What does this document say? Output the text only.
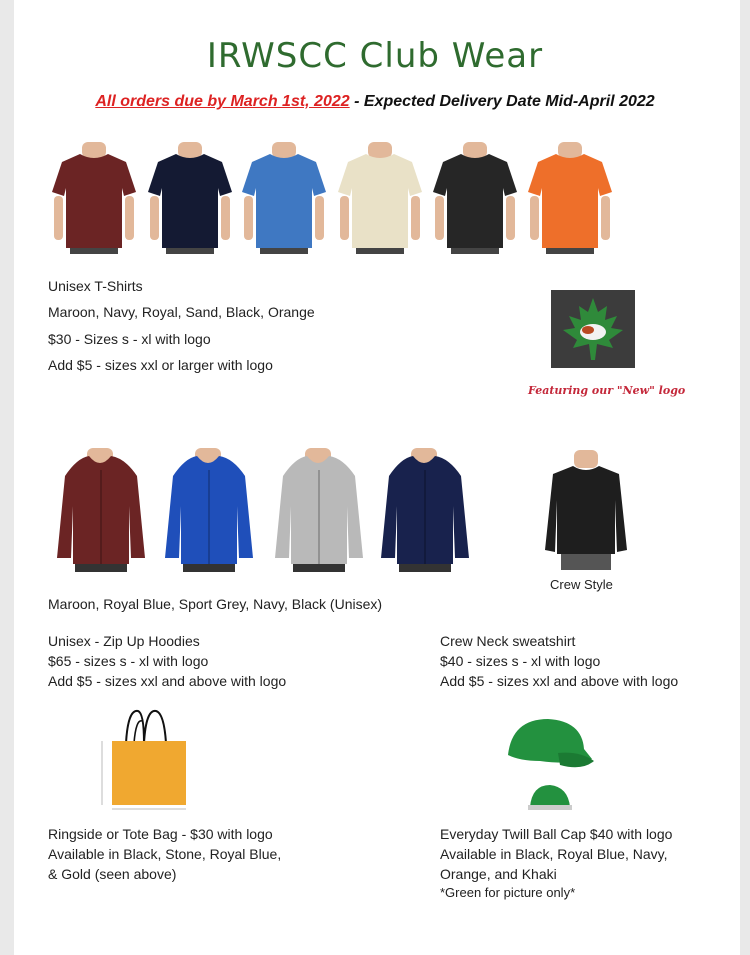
IRWSCC Club Wear
All orders due by March 1st, 2022 - Expected Delivery Date Mid-April 2022
Unisex T-Shirts
Maroon, Navy, Royal, Sand, Black, Orange
$30 - Sizes s - xl with logo
Add $5 - sizes xxl or larger with logo
Featuring our "New" logo
Crew Style
Maroon, Royal Blue, Sport Grey, Navy, Black (Unisex)
Unisex - Zip Up Hoodies
$65 - sizes s - xl with logo
Add $5 - sizes xxl and above with logo
Crew Neck sweatshirt
$40 - sizes s - xl with logo
Add $5 - sizes xxl and above with logo
Ringside or Tote Bag - $30 with logo
Available in Black, Stone, Royal Blue,
& Gold (seen above)
Everyday Twill Ball Cap $40 with logo
Available in Black, Royal Blue, Navy,
Orange, and Khaki
*Green for picture only*
